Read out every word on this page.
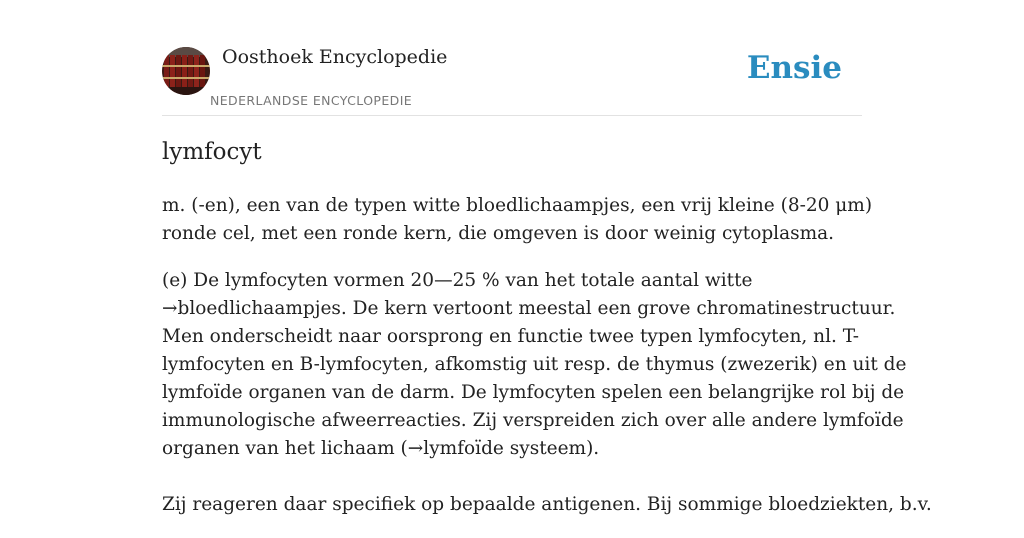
Oosthoek Encyclopedie
NEDERLANDSE ENCYCLOPEDIE
Ensie
lymfocyt

m. (-en), een van de typen witte bloedlichaampjes, een vrij kleine (8-20 μm)
ronde cel, met een ronde kern, die omgeven is door weinig cytoplasma.

(e) De lymfocyten vormen 20—25 % van het totale aantal witte
→bloedlichaampjes. De kern vertoont meestal een grove chromatinestructuur.
Men onderscheidt naar oorsprong en functie twee typen lymfocyten, nl. T-
lymfocyten en B-lymfocyten, afkomstig uit resp. de thymus (zwezerik) en uit de
lymfoïde organen van de darm. De lymfocyten spelen een belangrijke rol bij de
immunologische afweerreacties. Zij verspreiden zich over alle andere lymfoïde
organen van het lichaam (→lymfoïde systeem).
Zij reageren daar specifiek op bepaalde antigenen. Bij sommige bloedziekten, b.v.
